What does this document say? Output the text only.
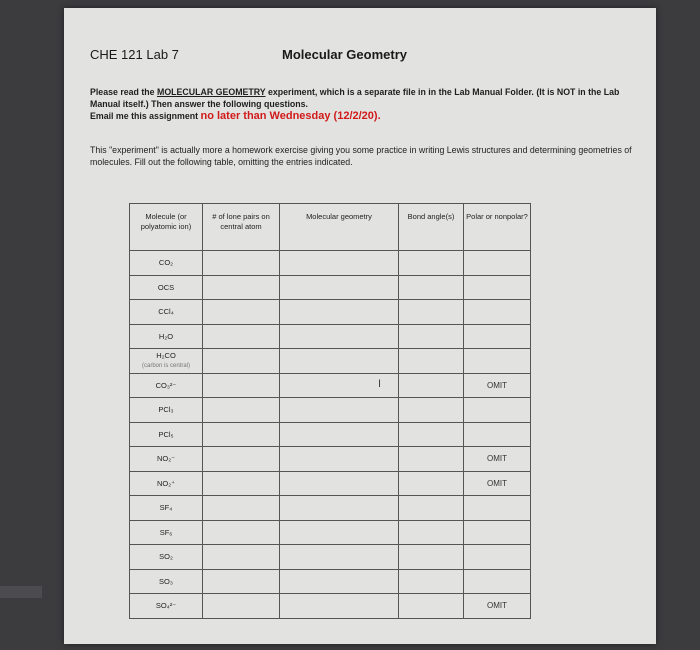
CHE 121 Lab 7	Molecular Geometry
Please read the MOLECULAR GEOMETRY experiment, which is a separate file in in the Lab Manual Folder. (It is NOT in the Lab Manual itself.) Then answer the following questions.
Email me this assignment no later than Wednesday (12/2/20).
This "experiment" is actually more a homework exercise giving you some practice in writing Lewis structures and determining geometries of molecules. Fill out the following table, omitting the entries indicated.
Molecule (or polyatomic ion)	# of lone pairs on central atom	Molecular geometry	Bond angle(s)	Polar or nonpolar?
CO₂				
OCS				
CCl₄				
H₂O				
H₂CO
(carbon is central)				
CO₃²⁻				OMIT
PCl₃				
PCl₅				
NO₂⁻				OMIT
NO₂⁺				OMIT
SF₄				
SF₆				
SO₂				
SO₃				
SO₄²⁻				OMIT
I
